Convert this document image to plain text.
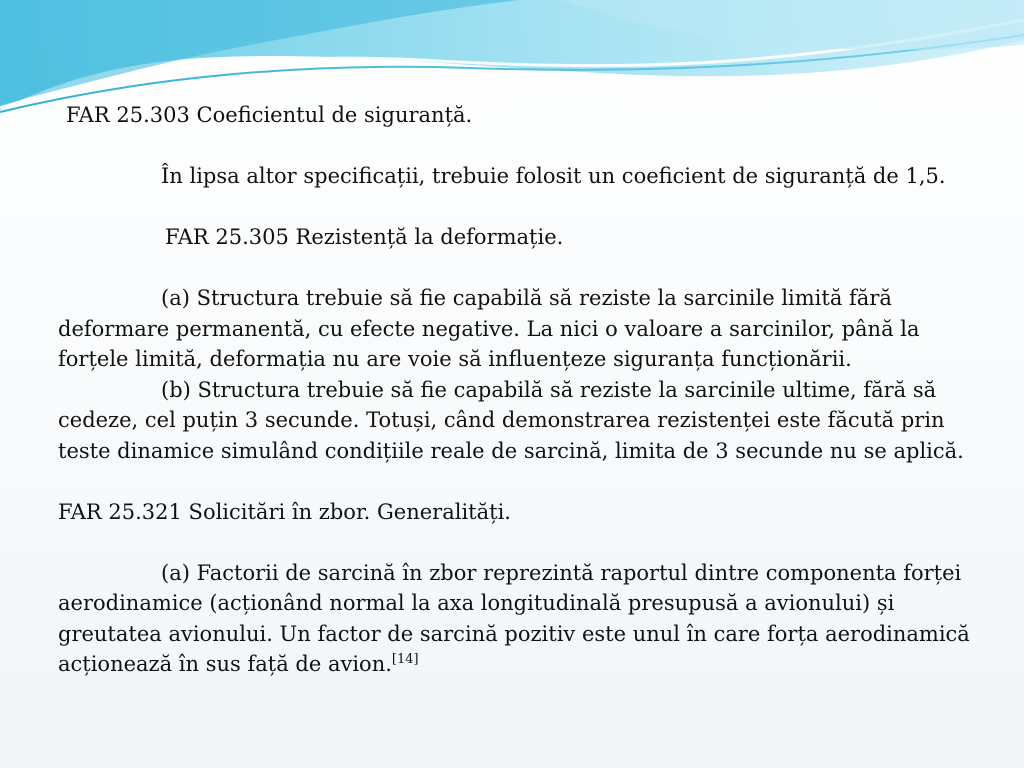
FAR 25.303 Coeficientul de siguranță.

În lipsa altor specificații, trebuie folosit un coeficient de siguranță de 1,5.

FAR 25.305 Rezistență la deformație.

(a) Structura trebuie să fie capabilă să reziste la sarcinile limită fără

deformare permanentă, cu efecte negative. La nici o valoare a sarcinilor, până la forțele limită, deformația nu are voie să influențeze siguranța funcționării.

(b) Structura trebuie să fie capabilă să reziste la sarcinile ultime, fără să

cedeze, cel puțin 3 secunde. Totuși, când demonstrarea rezistenței este făcută prin teste dinamice simulând condițiile reale de sarcină, limita de 3 secunde nu se aplică.

FAR 25.321 Solicitări în zbor. Generalități.

(a) Factorii de sarcină în zbor reprezintă raportul dintre componenta forței

aerodinamice (acționând normal la axa longitudinală presupusă a avionului) și greutatea avionului. Un factor de sarcină pozitiv este unul în care forța aerodinamică acționează în sus față de avion.[14]
